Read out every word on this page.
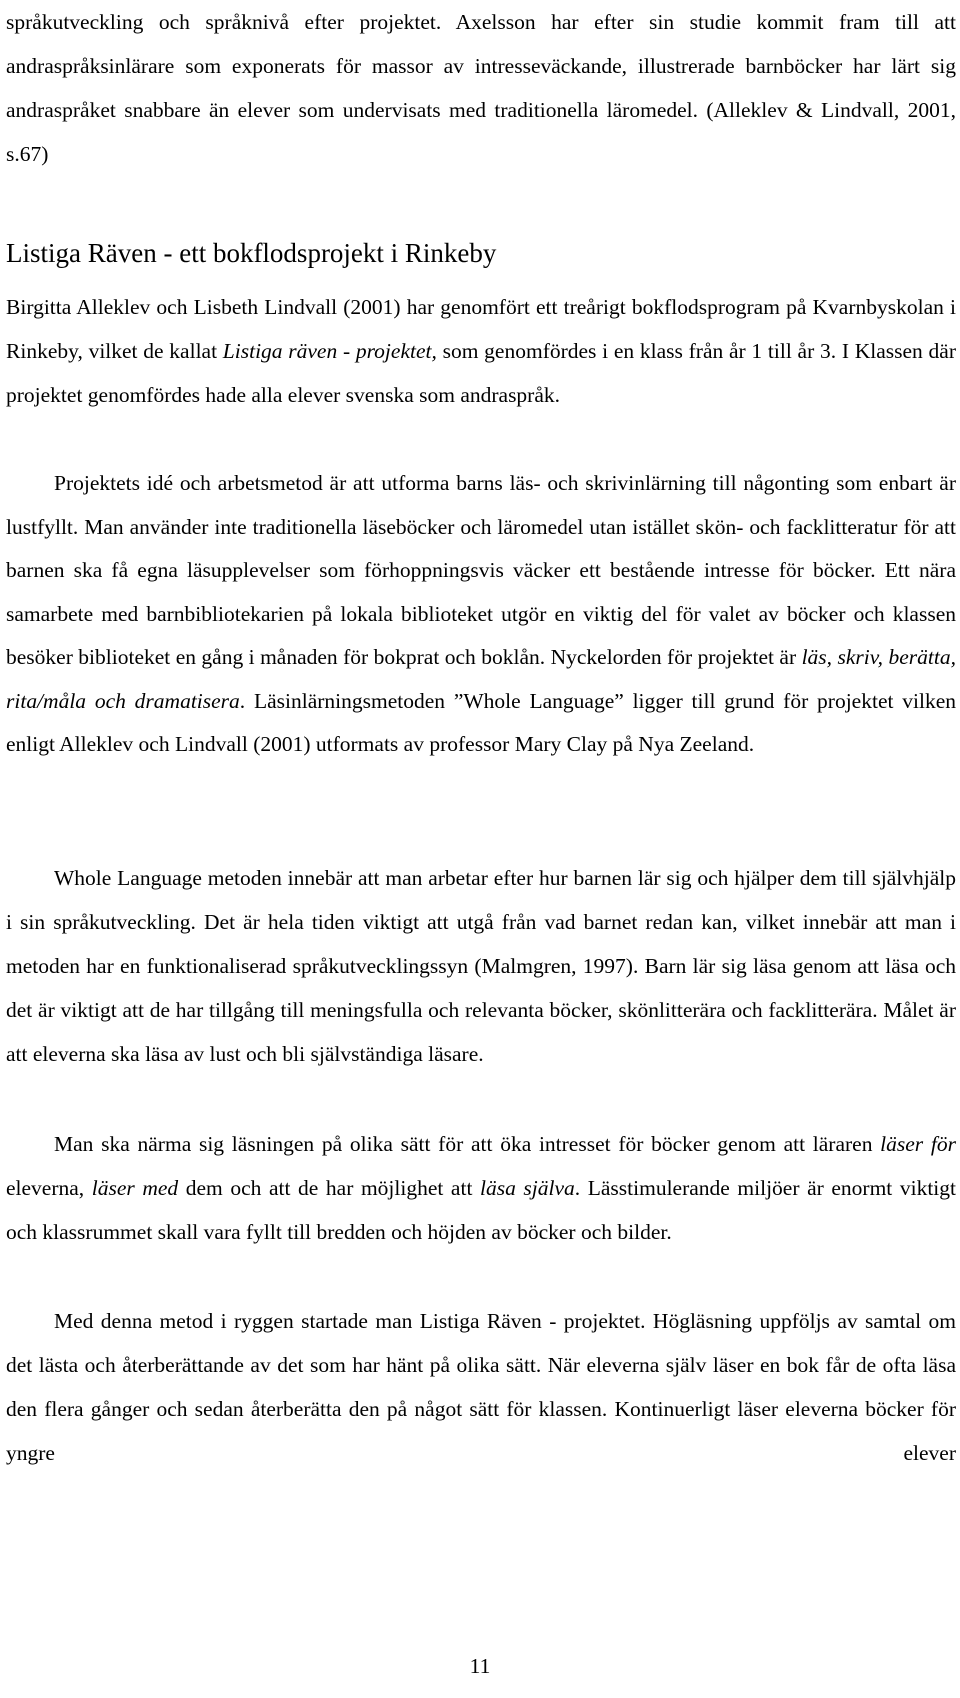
språkutveckling och språknivå efter projektet. Axelsson har efter sin studie kommit fram till att andraspråksinlärare som exponerats för massor av intresseväckande, illustrerade barnböcker har lärt sig andraspråket snabbare än elever som undervisats med traditionella läromedel. (Alleklev & Lindvall, 2001, s.67)

Listiga Räven - ett bokflodsprojekt i Rinkeby

Birgitta Alleklev och Lisbeth Lindvall (2001) har genomfört ett treårigt bokflodsprogram på Kvarnbyskolan i Rinkeby, vilket de kallat Listiga räven - projektet, som genomfördes i en klass från år 1 till år 3. I Klassen där projektet genomfördes hade alla elever svenska som andraspråk.

Projektets idé och arbetsmetod är att utforma barns läs- och skrivinlärning till någonting som enbart är lustfyllt. Man använder inte traditionella läseböcker och läromedel utan istället skön- och facklitteratur för att barnen ska få egna läsupplevelser som förhoppningsvis väcker ett bestående intresse för böcker. Ett nära samarbete med barnbibliotekarien på lokala biblioteket utgör en viktig del för valet av böcker och klassen besöker biblioteket en gång i månaden för bokprat och boklån. Nyckelorden för projektet är läs, skriv, berätta, rita/måla och dramatisera. Läsinlärningsmetoden ”Whole Language” ligger till grund för projektet vilken enligt Alleklev och Lindvall (2001) utformats av professor Mary Clay på Nya Zeeland.

Whole Language metoden innebär att man arbetar efter hur barnen lär sig och hjälper dem till självhjälp i sin språkutveckling. Det är hela tiden viktigt att utgå från vad barnet redan kan, vilket innebär att man i metoden har en funktionaliserad språkutvecklingssyn (Malmgren, 1997). Barn lär sig läsa genom att läsa och det är viktigt att de har tillgång till meningsfulla och relevanta böcker, skönlitterära och facklitterära. Målet är att eleverna ska läsa av lust och bli självständiga läsare.

Man ska närma sig läsningen på olika sätt för att öka intresset för böcker genom att läraren läser för eleverna, läser med dem och att de har möjlighet att läsa själva. Lässtimulerande miljöer är enormt viktigt och klassrummet skall vara fyllt till bredden och höjden av böcker och bilder.

Med denna metod i ryggen startade man Listiga Räven - projektet. Högläsning uppföljs av samtal om det lästa och återberättande av det som har hänt på olika sätt. När eleverna själv läser en bok får de ofta läsa den flera gånger och sedan återberätta den på något sätt för klassen. Kontinuerligt läser eleverna böcker för yngre elever

11
